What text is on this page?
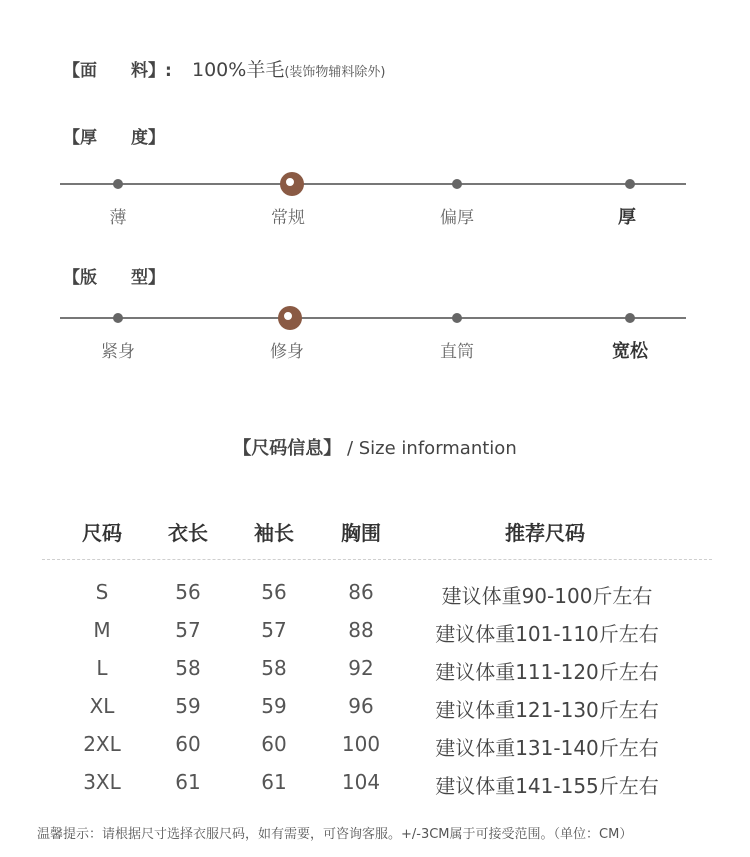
【面　　料】: 100%羊毛(装饰物辅料除外)
【厚　　度】
薄	常规	偏厚	厚
【版　　型】
紧身	修身	直筒	宽松
【尺码信息】 / Size informantion
尺码	衣长	袖长	胸围	推荐尺码
S	56	56	86	建议体重90-100斤左右
M	57	57	88	建议体重101-110斤左右
L	58	58	92	建议体重111-120斤左右
XL	59	59	96	建议体重121-130斤左右
2XL	60	60	100	建议体重131-140斤左右
3XL	61	61	104	建议体重141-155斤左右
温馨提示：请根据尺寸选择衣服尺码，如有需要，可咨询客服。+/-3CM属于可接受范围。（单位：CM）
